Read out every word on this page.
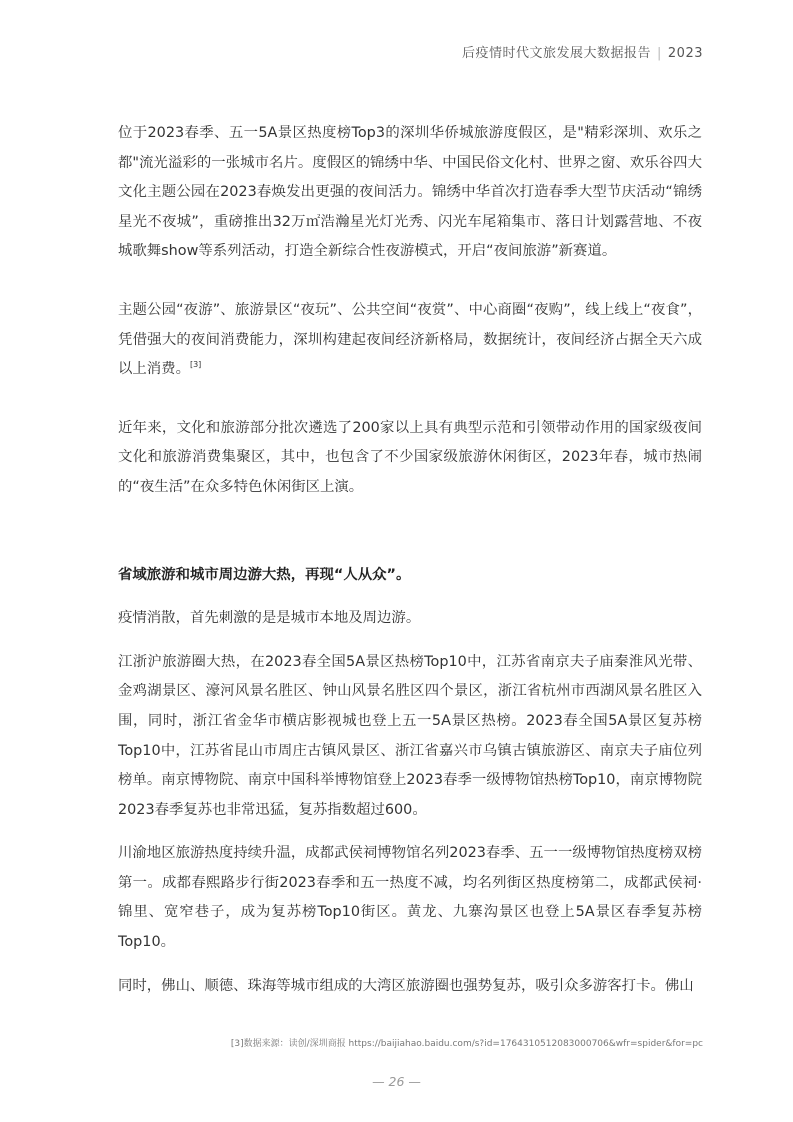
后疫情时代文旅发展大数据报告 | 2023

位于2023春季、五一5A景区热度榜Top3的深圳华侨城旅游度假区，是"精彩深圳、欢乐之都"流光溢彩的一张城市名片。度假区的锦绣中华、中国民俗文化村、世界之窗、欢乐谷四大文化主题公园在2023春焕发出更强的夜间活力。锦绣中华首次打造春季大型节庆活动“锦绣星光不夜城”，重磅推出32万㎡浩瀚星光灯光秀、闪光车尾箱集市、落日计划露营地、不夜城歌舞show等系列活动，打造全新综合性夜游模式，开启“夜间旅游”新赛道。

主题公园“夜游”、旅游景区“夜玩”、公共空间“夜赏”、中心商圈“夜购”，线上线上“夜食”，凭借强大的夜间消费能力，深圳构建起夜间经济新格局，数据统计，夜间经济占据全天六成以上消费。[3]

近年来，文化和旅游部分批次遴选了200家以上具有典型示范和引领带动作用的国家级夜间文化和旅游消费集聚区，其中，也包含了不少国家级旅游休闲街区，2023年春，城市热闹的“夜生活”在众多特色休闲街区上演。

省域旅游和城市周边游大热，再现“人从众”。

疫情消散，首先刺激的是是城市本地及周边游。

江浙沪旅游圈大热，在2023春全国5A景区热榜Top10中，江苏省南京夫子庙秦淮风光带、金鸡湖景区、濠河风景名胜区、钟山风景名胜区四个景区，浙江省杭州市西湖风景名胜区入围，同时，浙江省金华市横店影视城也登上五一5A景区热榜。2023春全国5A景区复苏榜Top10中，江苏省昆山市周庄古镇风景区、浙江省嘉兴市乌镇古镇旅游区、南京夫子庙位列榜单。南京博物院、南京中国科举博物馆登上2023春季一级博物馆热榜Top10，南京博物院2023春季复苏也非常迅猛，复苏指数超过600。

川渝地区旅游热度持续升温，成都武侯祠博物馆名列2023春季、五一一级博物馆热度榜双榜第一。成都春熙路步行街2023春季和五一热度不减，均名列街区热度榜第二，成都武侯祠·锦里、宽窄巷子，成为复苏榜Top10街区。黄龙、九寨沟景区也登上5A景区春季复苏榜Top10。

同时，佛山、顺德、珠海等城市组成的大湾区旅游圈也强势复苏，吸引众多游客打卡。佛山

[3]数据来源：读创/深圳商报 https://baijiahao.baidu.com/s?id=1764310512083000706&wfr=spider&for=pc
— 26 —
